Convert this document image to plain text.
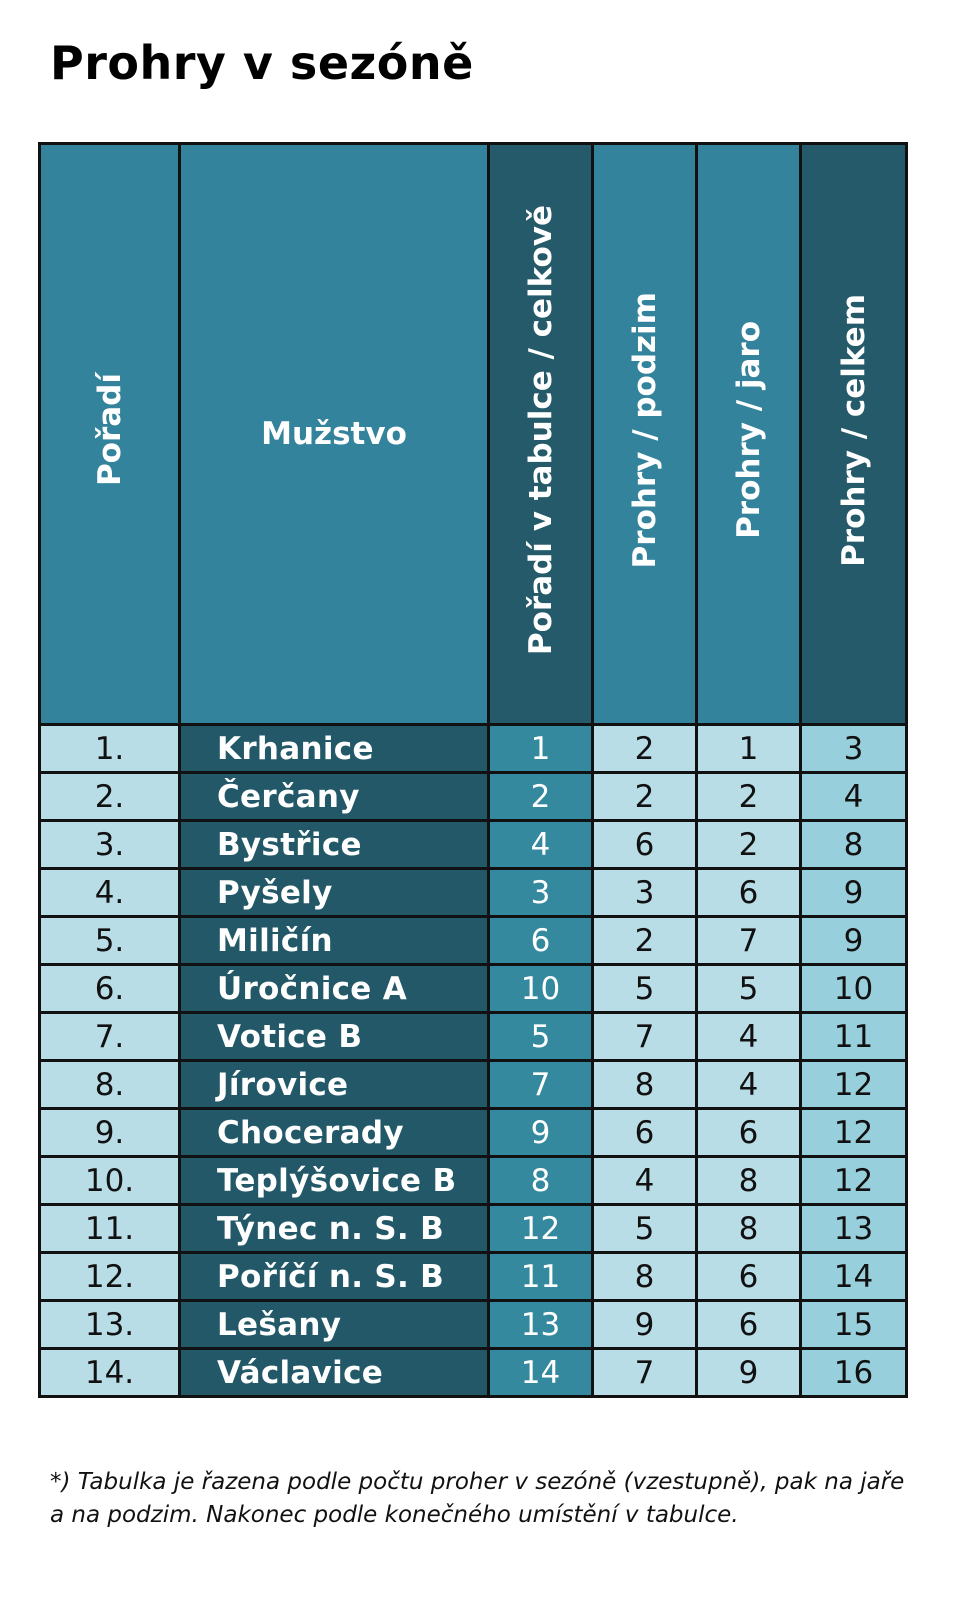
Prohry v sezóně
Pořadí	Mužstvo	Pořadí v tabulce / celkově	Prohry / podzim	Prohry / jaro	Prohry / celkem
1.	Krhanice	1	2	1	3
2.	Čerčany	2	2	2	4
3.	Bystřice	4	6	2	8
4.	Pyšely	3	3	6	9
5.	Miličín	6	2	7	9
6.	Úročnice A	10	5	5	10
7.	Votice B	5	7	4	11
8.	Jírovice	7	8	4	12
9.	Chocerady	9	6	6	12
10.	Teplýšovice B	8	4	8	12
11.	Týnec n. S. B	12	5	8	13
12.	Poříčí n. S. B	11	8	6	14
13.	Lešany	13	9	6	15
14.	Václavice	14	7	9	16

*) Tabulka je řazena podle počtu proher v sezóně (vzestupně), pak na jaře a na podzim. Nakonec podle konečného umístění v tabulce.
